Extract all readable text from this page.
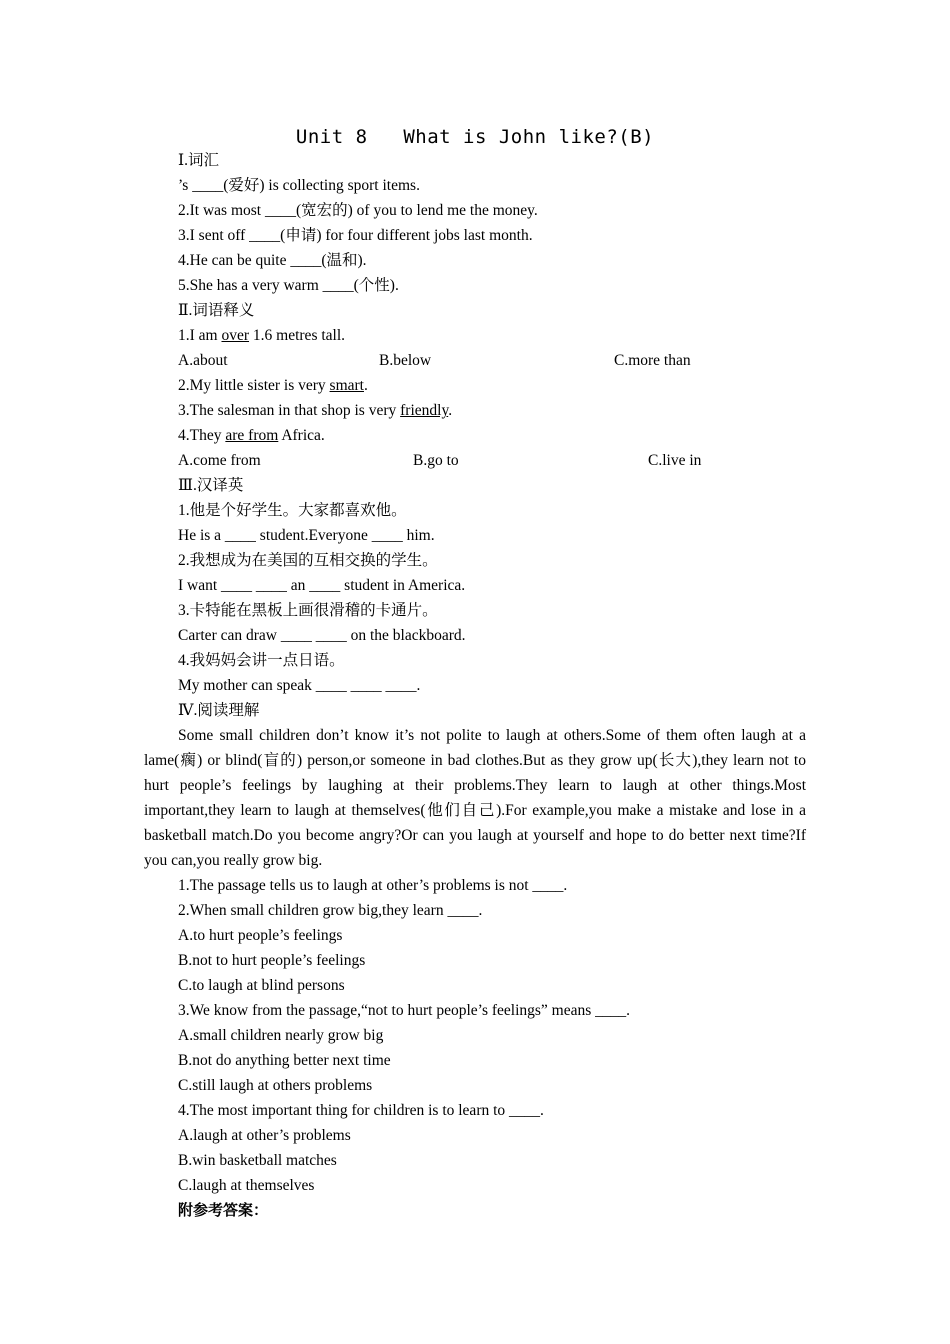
Unit 8   What is John like?(B)
Ⅰ.词汇
’s ____(爱好) is collecting sport items.
2.It was most ____(宽宏的) of you to lend me the money.
3.I sent off ____(申请) for four different jobs last month.
4.He can be quite ____(温和).
5.She has a very warm ____(个性).
Ⅱ.词语释义
1.I am over 1.6 metres tall.
A.about	B.below	C.more than
2.My little sister is very smart.
3.The salesman in that shop is very friendly.
4.They are from Africa.
A.come from	B.go to	C.live in
Ⅲ.汉译英
1.他是个好学生。大家都喜欢他。
He is a ____ student.Everyone ____ him.
2.我想成为在美国的互相交换的学生。
I want ____ ____ an ____ student in America.
3.卡特能在黑板上画很滑稽的卡通片。
Carter can draw ____ ____ on the blackboard.
4.我妈妈会讲一点日语。
My mother can speak ____ ____ ____.
Ⅳ.阅读理解
Some small children don’t know it’s not polite to laugh at others.Some of them often laugh at a lame(瘸) or blind(盲的) person,or someone in bad clothes.But as they grow up(长大),they learn not to hurt people’s feelings by laughing at their problems.They learn to laugh at other things.Most important,they learn to laugh at themselves(他们自己).For example,you make a mistake and lose in a basketball match.Do you become angry?Or can you laugh at yourself and hope to do better next time?If you can,you really grow big.
1.The passage tells us to laugh at other’s problems is not ____.
2.When small children grow big,they learn ____.
A.to hurt people’s feelings
B.not to hurt people’s feelings
C.to laugh at blind persons
3.We know from the passage,“not to hurt people’s feelings” means ____.
A.small children nearly grow big
B.not do anything better next time
C.still laugh at others problems
4.The most important thing for children is to learn to ____.
A.laugh at other’s problems
B.win basketball matches
C.laugh at themselves
附参考答案：
